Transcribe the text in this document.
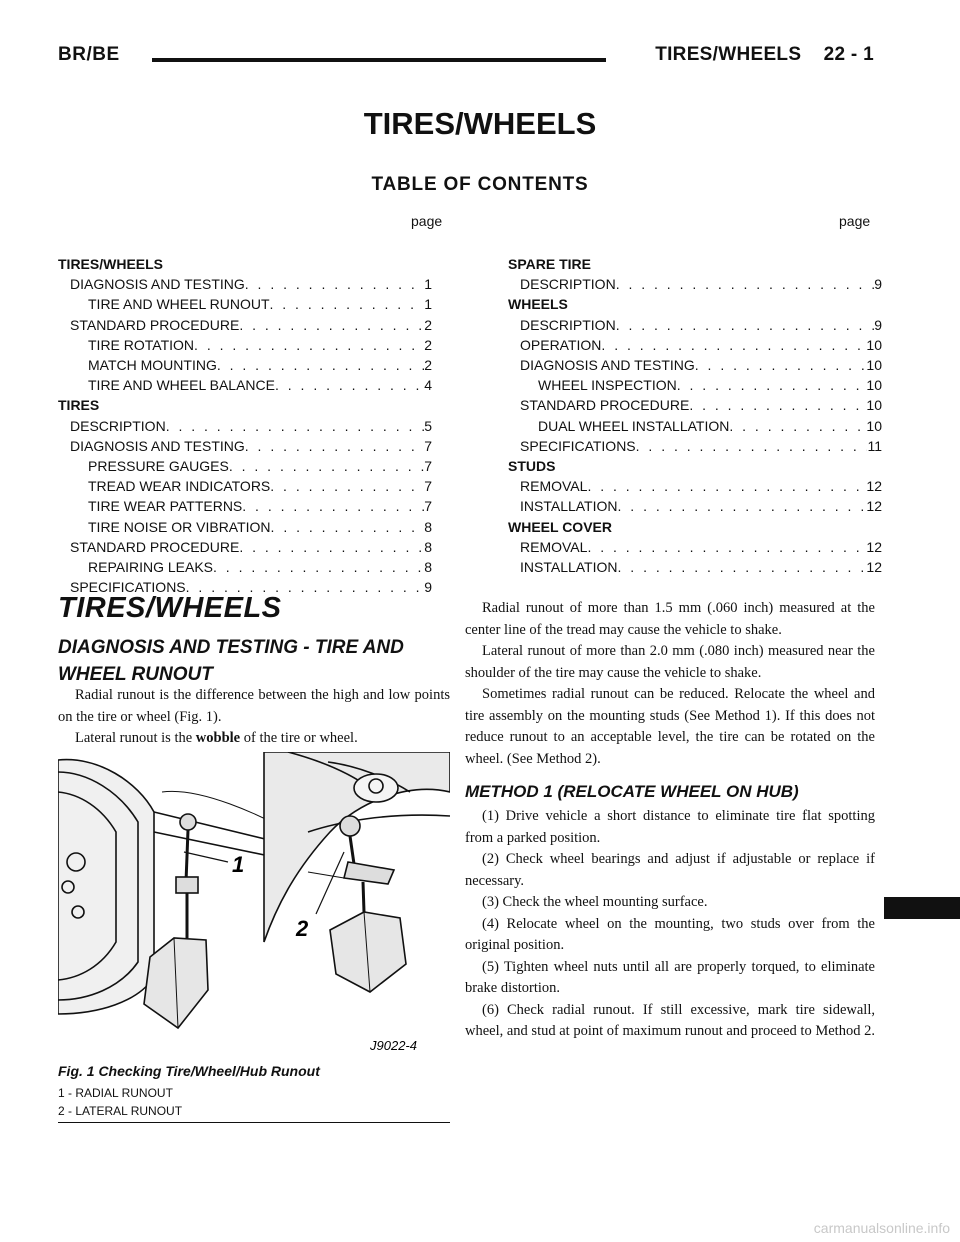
BR/BE	TIRES/WHEELS    22 - 1
TIRES/WHEELS
TABLE OF CONTENTS
page	page
TIRES/WHEELS
DIAGNOSIS AND TESTING . . .	1
TIRE AND WHEEL RUNOUT . . .	1
STANDARD PROCEDURE . . .	2
TIRE ROTATION . . .	2
MATCH MOUNTING . . .	2
TIRE AND WHEEL BALANCE . . .	4
TIRES
DESCRIPTION . . .	5
DIAGNOSIS AND TESTING . . .	7
PRESSURE GAUGES . . .	7
TREAD WEAR INDICATORS . . .	7
TIRE WEAR PATTERNS . . .	7
TIRE NOISE OR VIBRATION . . .	8
STANDARD PROCEDURE . . .	8
REPAIRING LEAKS . . .	8
SPECIFICATIONS . . .	9
SPARE TIRE
DESCRIPTION . . .	9
WHEELS
DESCRIPTION . . .	9
OPERATION . . .	10
DIAGNOSIS AND TESTING . . .	10
WHEEL INSPECTION . . .	10
STANDARD PROCEDURE . . .	10
DUAL WHEEL INSTALLATION . . .	10
SPECIFICATIONS . . .	11
STUDS
REMOVAL . . .	12
INSTALLATION . . .	12
WHEEL COVER
REMOVAL . . .	12
INSTALLATION . . .	12
TIRES/WHEELS
DIAGNOSIS AND TESTING - TIRE AND WHEEL RUNOUT

Radial runout is the difference between the high and low points on the tire or wheel (Fig. 1).

Lateral runout is the wobble of the tire or wheel.

1
2
J9022-4
Fig. 1 Checking Tire/Wheel/Hub Runout
1 - RADIAL RUNOUT
2 - LATERAL RUNOUT

Radial runout of more than 1.5 mm (.060 inch) measured at the center line of the tread may cause the vehicle to shake.

Lateral runout of more than 2.0 mm (.080 inch) measured near the shoulder of the tire may cause the vehicle to shake.

Sometimes radial runout can be reduced. Relocate the wheel and tire assembly on the mounting studs (See Method 1). If this does not reduce runout to an acceptable level, the tire can be rotated on the wheel. (See Method 2).

METHOD 1 (RELOCATE WHEEL ON HUB)

(1) Drive vehicle a short distance to eliminate tire flat spotting from a parked position.

(2) Check wheel bearings and adjust if adjustable or replace if necessary.

(3) Check the wheel mounting surface.

(4) Relocate wheel on the mounting, two studs over from the original position.

(5) Tighten wheel nuts until all are properly torqued, to eliminate brake distortion.

(6) Check radial runout. If still excessive, mark tire sidewall, wheel, and stud at point of maximum runout and proceed to Method 2.

carmanualsonline.info
